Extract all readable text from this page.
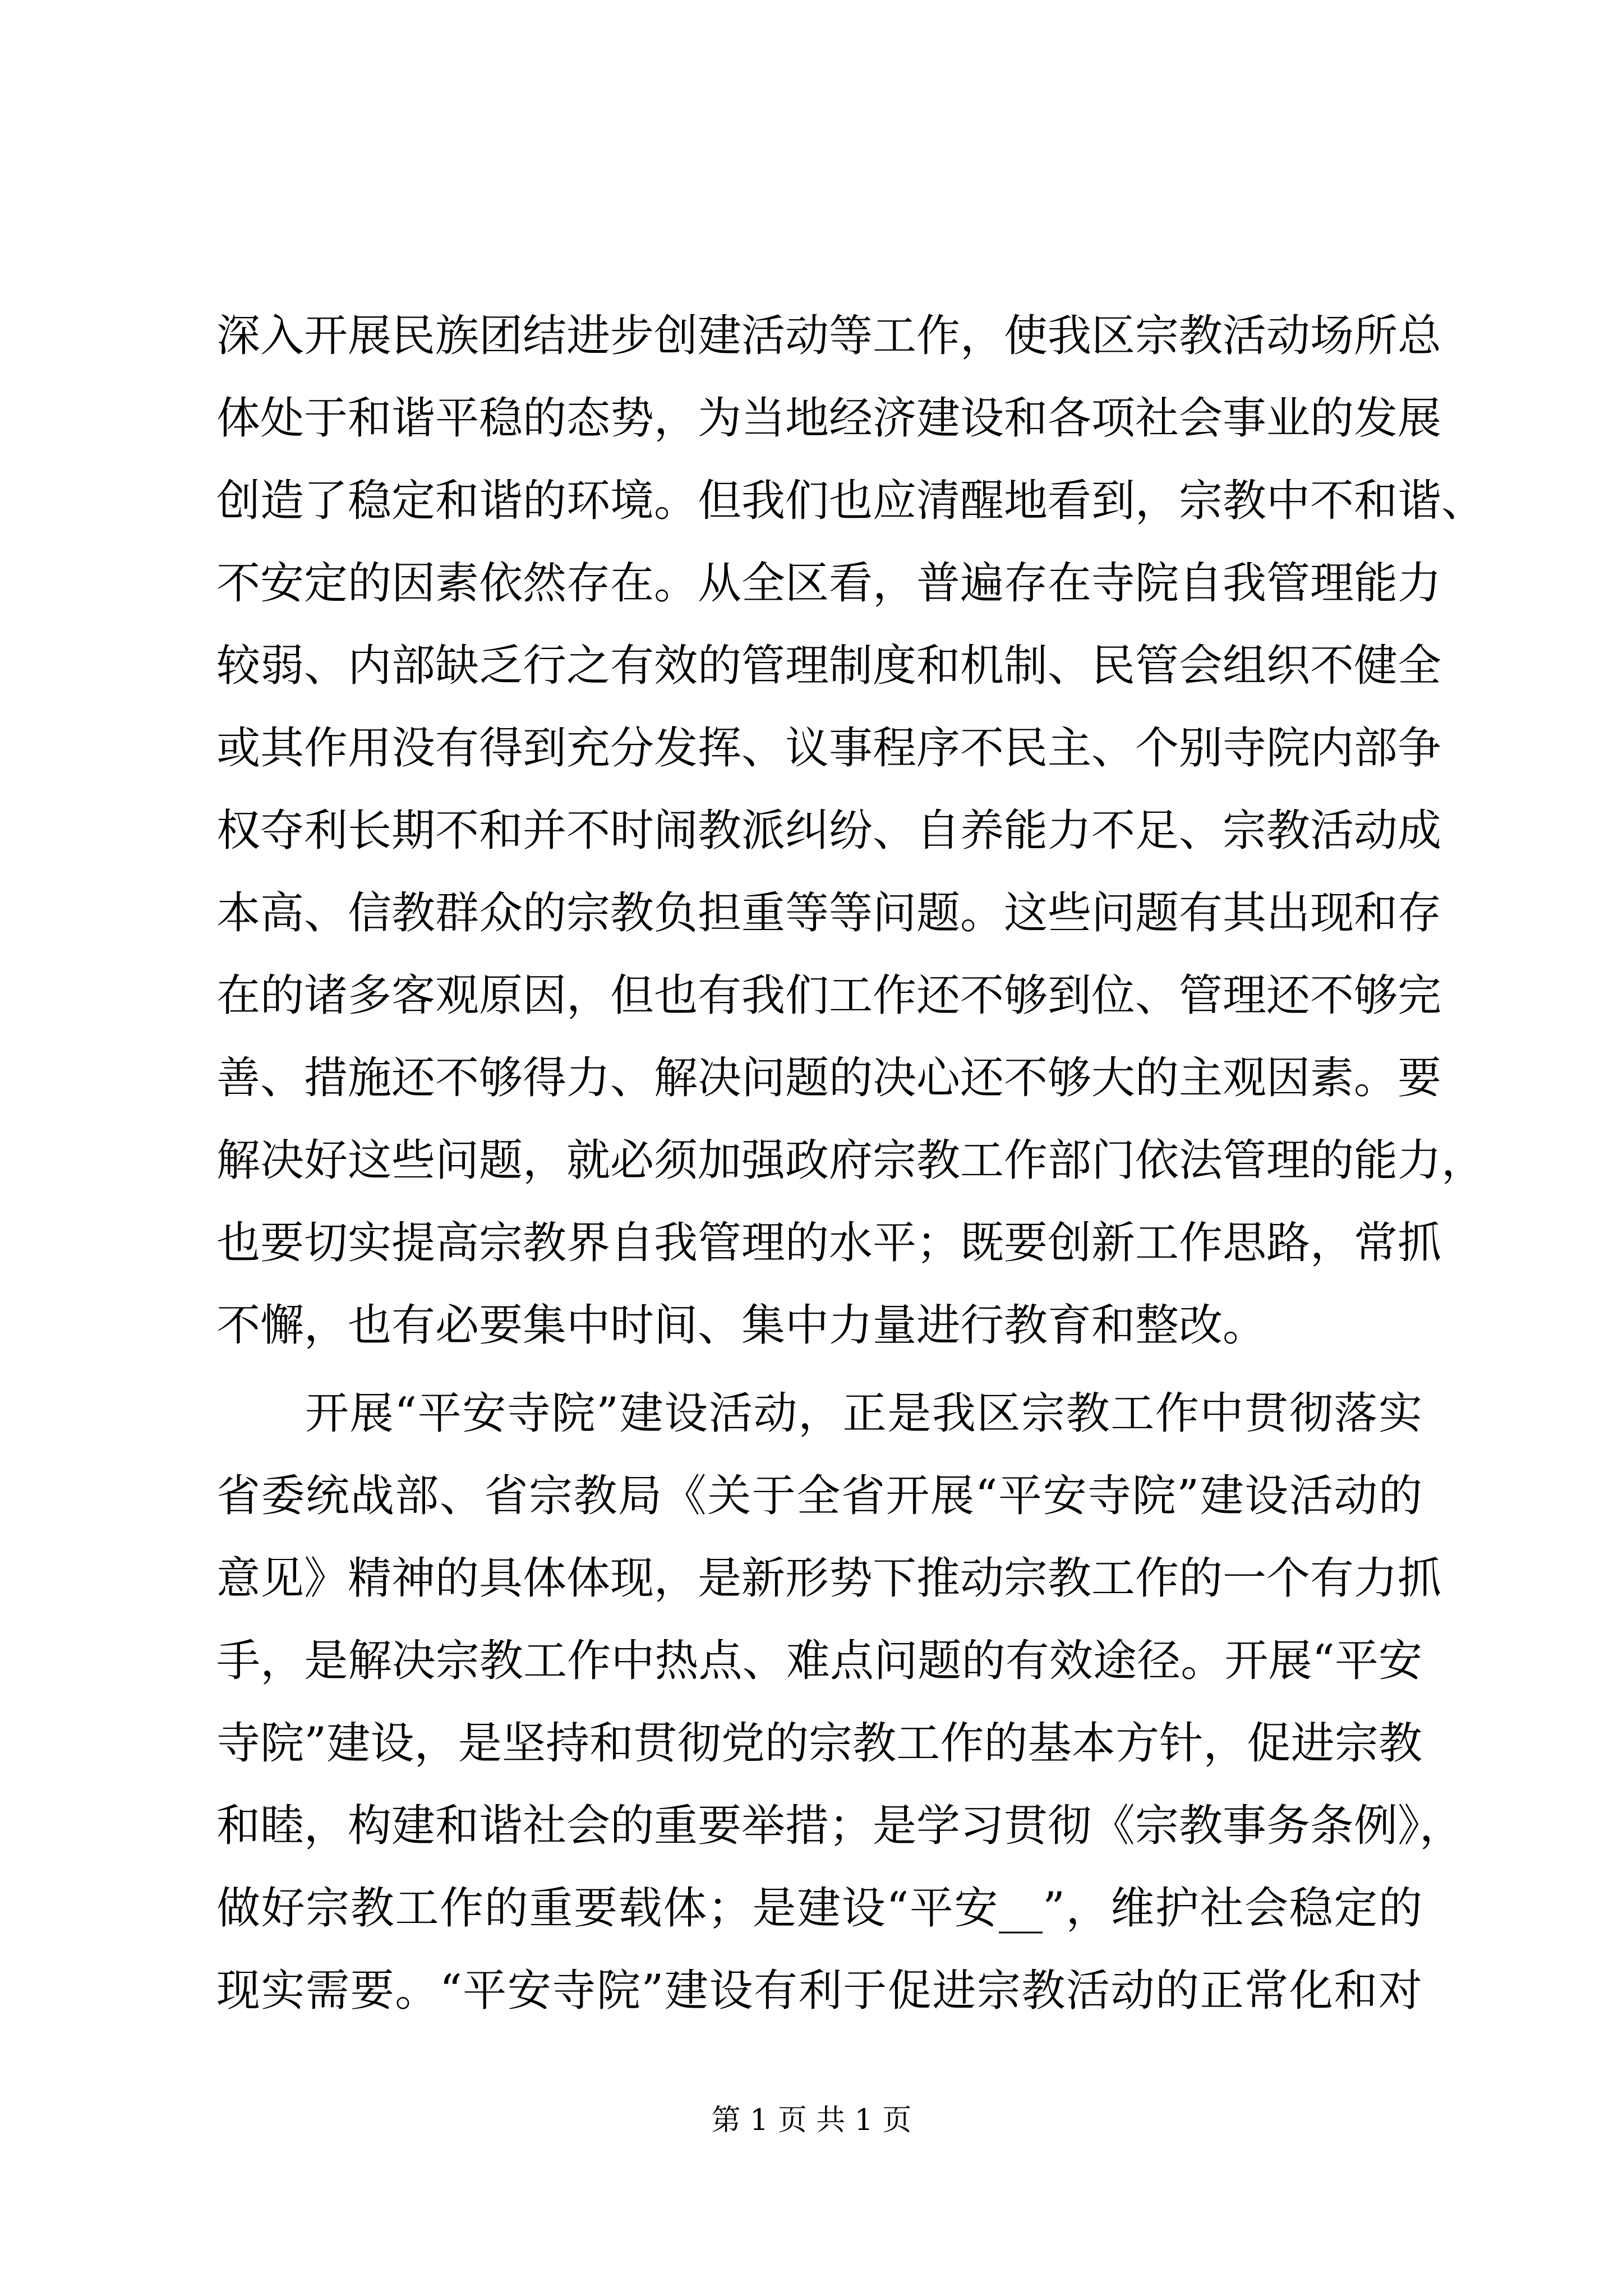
深入开展民族团结进步创建活动等工作，使我区宗教活动场所总
体处于和谐平稳的态势，为当地经济建设和各项社会事业的发展
创造了稳定和谐的环境。但我们也应清醒地看到，宗教中不和谐、
不安定的因素依然存在。从全区看，普遍存在寺院自我管理能力
较弱、内部缺乏行之有效的管理制度和机制、民管会组织不健全
或其作用没有得到充分发挥、议事程序不民主、个别寺院内部争
权夺利长期不和并不时闹教派纠纷、自养能力不足、宗教活动成
本高、信教群众的宗教负担重等等问题。这些问题有其出现和存
在的诸多客观原因，但也有我们工作还不够到位、管理还不够完
善、措施还不够得力、解决问题的决心还不够大的主观因素。要
解决好这些问题，就必须加强政府宗教工作部门依法管理的能力，
也要切实提高宗教界自我管理的水平；既要创新工作思路，常抓
不懈，也有必要集中时间、集中力量进行教育和整改。
开展“平安寺院”建设活动，正是我区宗教工作中贯彻落实
省委统战部、省宗教局《关于全省开展“平安寺院”建设活动的
意见》精神的具体体现，是新形势下推动宗教工作的一个有力抓
手，是解决宗教工作中热点、难点问题的有效途径。开展“平安
寺院”建设，是坚持和贯彻党的宗教工作的基本方针，促进宗教
和睦，构建和谐社会的重要举措；是学习贯彻《宗教事务条例》，
做好宗教工作的重要载体；是建设“平安__”，维护社会稳定的
现实需要。“平安寺院”建设有利于促进宗教活动的正常化和对
第 1 页 共 1 页
